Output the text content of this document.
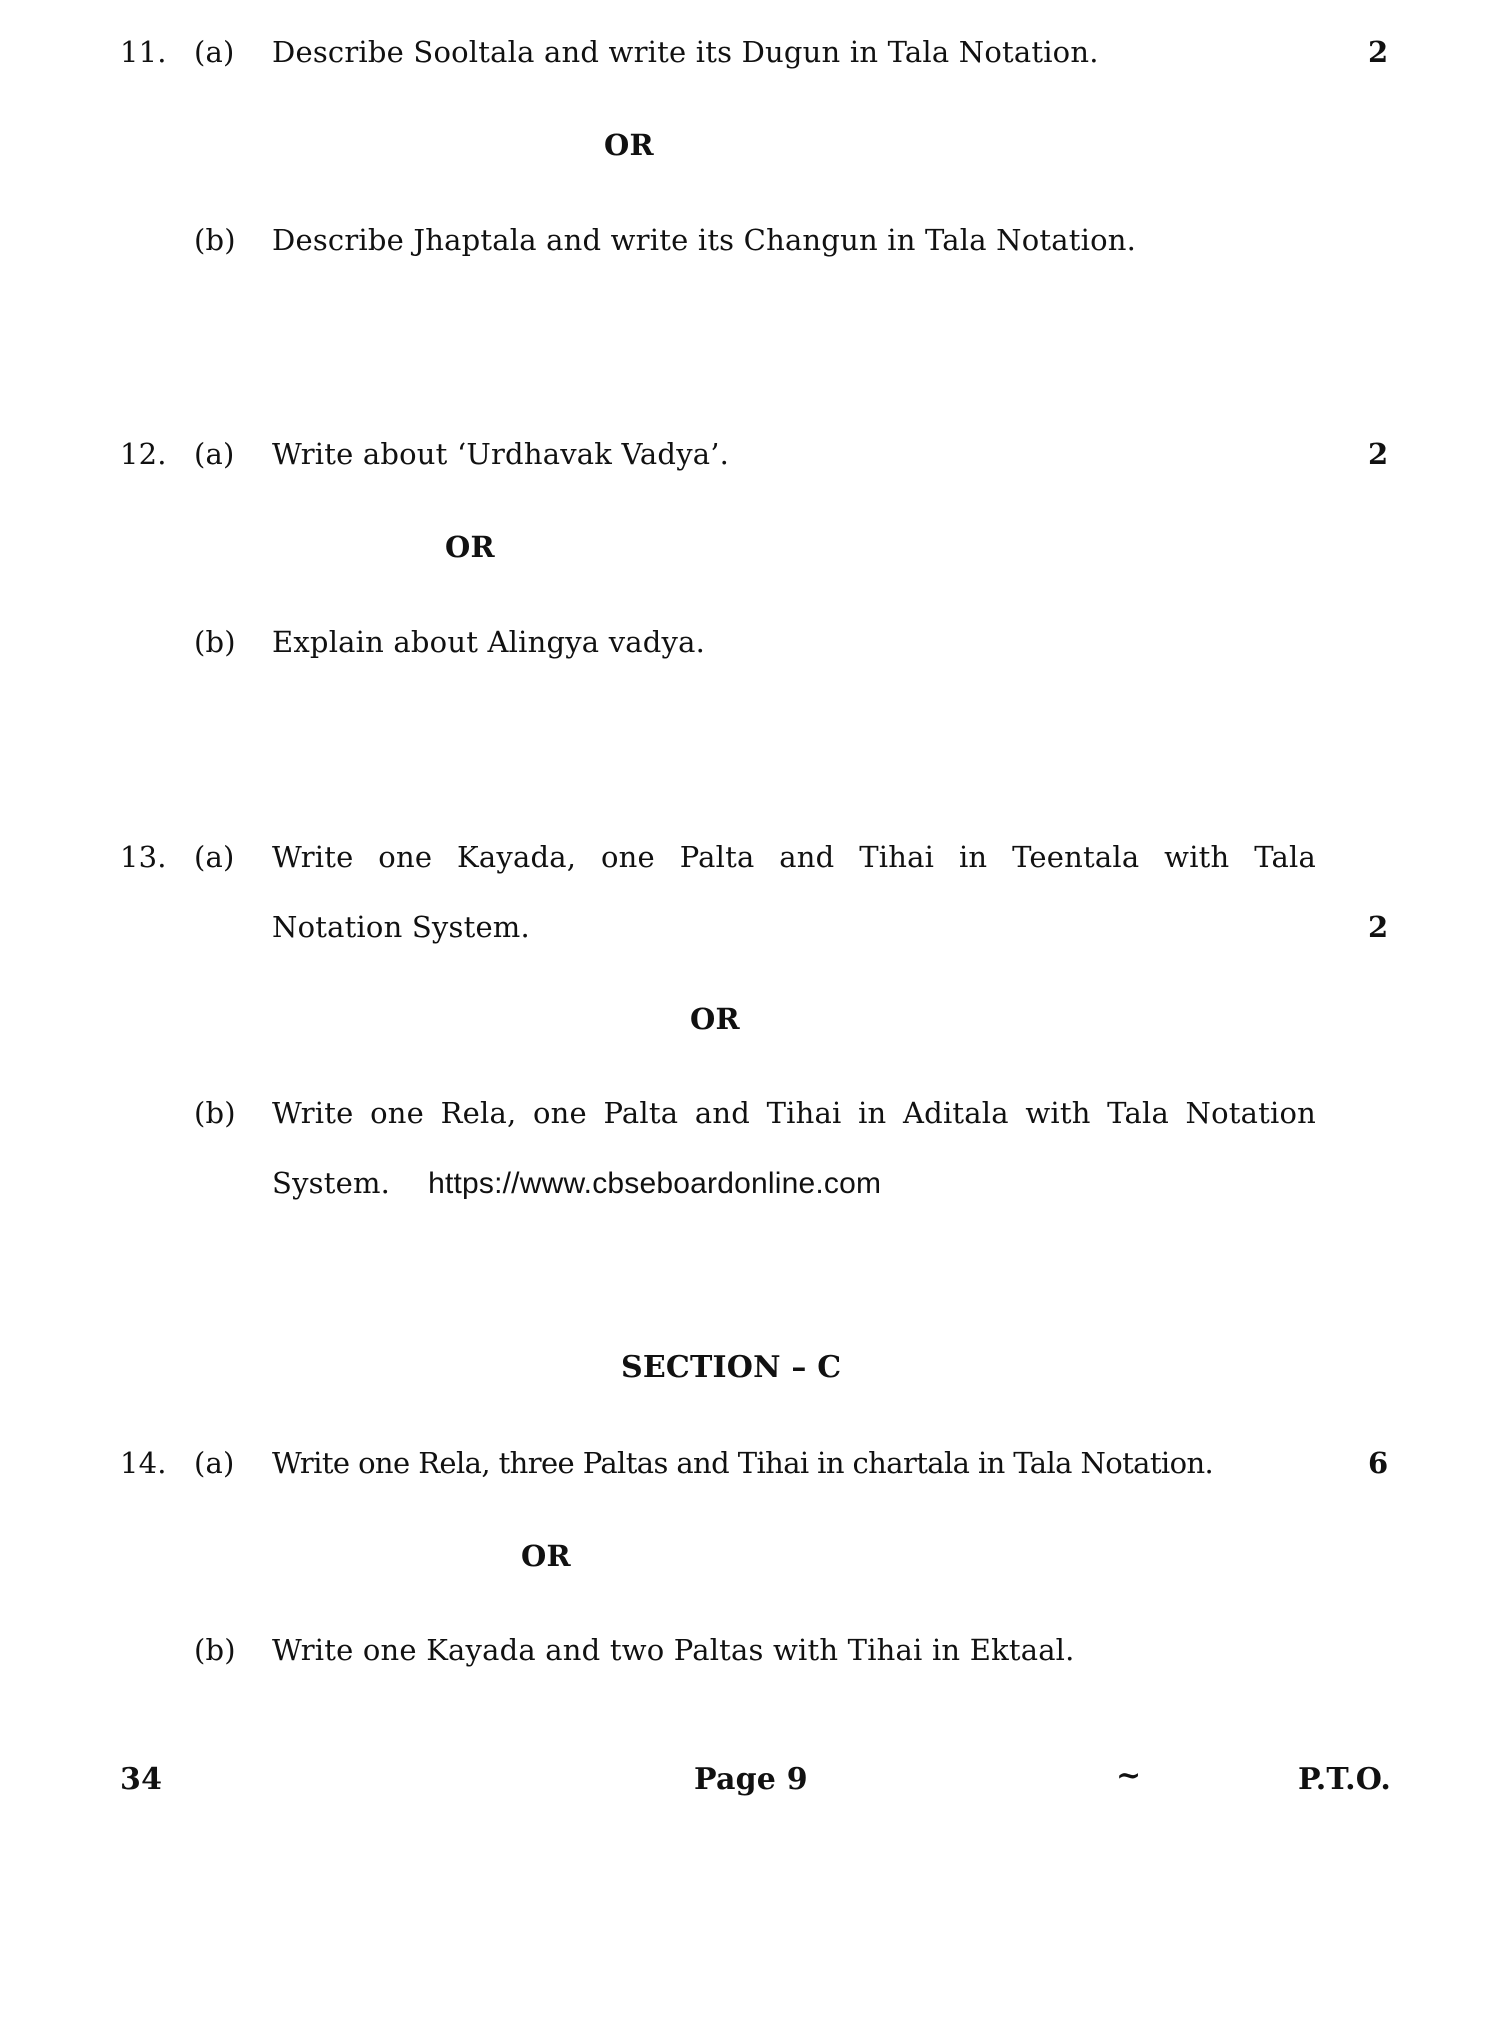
11. (a) Describe Sooltala and write its Dugun in Tala Notation.	2
OR
(b) Describe Jhaptala and write its Changun in Tala Notation.
12. (a) Write about ‘Urdhavak Vadya’.	2
OR
(b) Explain about Alingya vadya.
13. (a) Write one Kayada, one Palta and Tihai in Teentala with Tala
Notation System.	2
OR
(b) Write one Rela, one Palta and Tihai in Aditala with Tala Notation
System. https://www.cbseboardonline.com
SECTION – C
14. (a) Write one Rela, three Paltas and Tihai in chartala in Tala Notation.	6
OR
(b) Write one Kayada and two Paltas with Tihai in Ektaal.
34	Page 9	~	P.T.O.
